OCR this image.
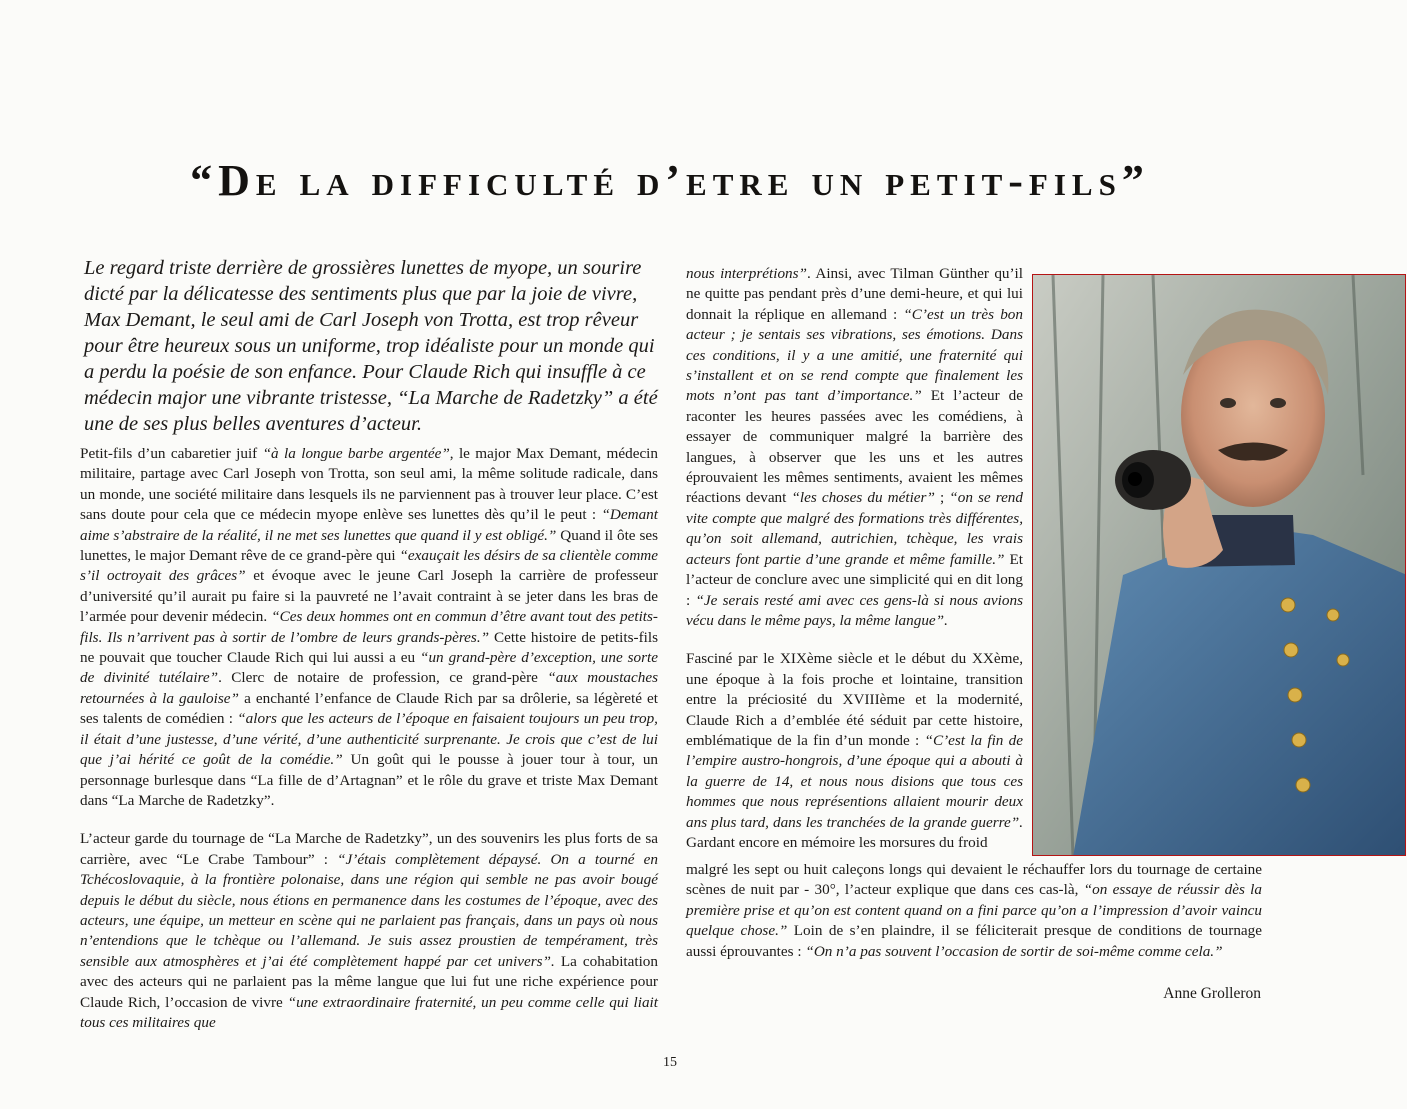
“De la difficulté d’etre un petit-fils”
Le regard triste derrière de grossières lunettes de myope, un sourire dicté par la délicatesse des sentiments plus que par la joie de vivre, Max Demant, le seul ami de Carl Joseph von Trotta, est trop rêveur pour être heureux sous un uniforme, trop idéaliste pour un monde qui a perdu la poésie de son enfance. Pour Claude Rich qui insuffle à ce médecin major une vibrante tristesse, “La Marche de Radetzky” a été une de ses plus belles aventures d’acteur.

Petit-fils d’un cabaretier juif “à la longue barbe argentée”, le major Max Demant, médecin militaire, partage avec Carl Joseph von Trotta, son seul ami, la même solitude radicale, dans un monde, une société militaire dans lesquels ils ne parviennent pas à trouver leur place. C’est sans doute pour cela que ce médecin myope enlève ses lunettes dès qu’il le peut : “Demant aime s’abstraire de la réalité, il ne met ses lunettes que quand il y est obligé.” Quand il ôte ses lunettes, le major Demant rêve de ce grand-père qui “exauçait les désirs de sa clientèle comme s’il octroyait des grâces” et évoque avec le jeune Carl Joseph la carrière de professeur d’université qu’il aurait pu faire si la pauvreté ne l’avait contraint à se jeter dans les bras de l’armée pour devenir médecin. “Ces deux hommes ont en commun d’être avant tout des petits-fils. Ils n’arrivent pas à sortir de l’ombre de leurs grands-pères.” Cette histoire de petits-fils ne pouvait que toucher Claude Rich qui lui aussi a eu “un grand-père d’exception, une sorte de divinité tutélaire”. Clerc de notaire de profession, ce grand-père “aux moustaches retournées à la gauloise” a enchanté l’enfance de Claude Rich par sa drôlerie, sa légèreté et ses talents de comédien : “alors que les acteurs de l’époque en faisaient toujours un peu trop, il était d’une justesse, d’une vérité, d’une authenticité surprenante. Je crois que c’est de lui que j’ai hérité ce goût de la comédie.” Un goût qui le pousse à jouer tour à tour, un personnage burlesque dans “La fille de d’Artagnan” et le rôle du grave et triste Max Demant dans “La Marche de Radetzky”.

L’acteur garde du tournage de “La Marche de Radetzky”, un des souvenirs les plus forts de sa carrière, avec “Le Crabe Tambour” : “J’étais complètement dépaysé. On a tourné en Tchécoslovaquie, à la frontière polonaise, dans une région qui semble ne pas avoir bougé depuis le début du siècle, nous étions en permanence dans les costumes de l’époque, avec des acteurs, une équipe, un metteur en scène qui ne parlaient pas français, dans un pays où nous n’entendions que le tchèque ou l’allemand. Je suis assez proustien de tempérament, très sensible aux atmosphères et j’ai été complètement happé par cet univers”. La cohabitation avec des acteurs qui ne parlaient pas la même langue que lui fut une riche expérience pour Claude Rich, l’occasion de vivre “une extraordinaire fraternité, un peu comme celle qui liait tous ces militaires que

nous interprétions”. Ainsi, avec Tilman Günther qu’il ne quitte pas pendant près d’une demi-heure, et qui lui donnait la réplique en allemand : “C’est un très bon acteur ; je sentais ses vibrations, ses émotions. Dans ces conditions, il y a une amitié, une fraternité qui s’installent et on se rend compte que finalement les mots n’ont pas tant d’importance.” Et l’acteur de raconter les heures passées avec les comédiens, à essayer de communiquer malgré la barrière des langues, à observer que les uns et les autres éprouvaient les mêmes sentiments, avaient les mêmes réactions devant “les choses du métier” ; “on se rend vite compte que malgré des formations très différentes, qu’on soit allemand, autrichien, tchèque, les vrais acteurs font partie d’une grande et même famille.” Et l’acteur de conclure avec une simplicité qui en dit long : “Je serais resté ami avec ces gens-là si nous avions vécu dans le même pays, la même langue”.

Fasciné par le XIXème siècle et le début du XXème, une époque à la fois proche et lointaine, transition entre la préciosité du XVIIIème et la modernité, Claude Rich a d’emblée été séduit par cette histoire, emblématique de la fin d’un monde : “C’est la fin de l’empire austro-hongrois, d’une époque qui a abouti à la guerre de 14, et nous nous disions que tous ces hommes que nous représentions allaient mourir deux ans plus tard, dans les tranchées de la grande guerre”. Gardant encore en mémoire les morsures du froid

malgré les sept ou huit caleçons longs qui devaient le réchauffer lors du tournage de certaine scènes de nuit par - 30°, l’acteur explique que dans ces cas-là, “on essaye de réussir dès la première prise et qu’on est content quand on a fini parce qu’on a l’impression d’avoir vaincu quelque chose.” Loin de s’en plaindre, il se féliciterait presque de conditions de tournage aussi éprouvantes : “On n’a pas souvent l’occasion de sortir de soi-même comme cela.”
Anne Grolleron
15
